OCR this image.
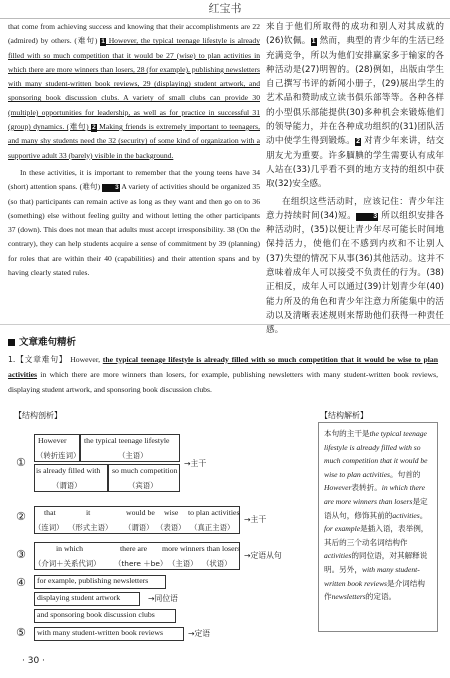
红宝书

that come from achieving success and knowing that their accomplishments are 22 (admired) by others. (难句) 1 However, the typical teenage lifestyle is already filled with so much competition that it would be 27 (wise) to plan activities in which there are more winners than losers, 28 (for example), publishing newsletters with many student-written book reviews, 29 (displaying) student artwork, and sponsoring book discussion clubs. A variety of small clubs can provide 30 (multiple) opportunities for leadership, as well as for practice in successful 31 (group) dynamics. (难句) 2 Making friends is extremely important to teenagers, and many shy students need the 32 (security) of some kind of organization with a supportive adult 33 (barely) visible in the background.

In these activities, it is important to remember that the young teens have 34 (short) attention spans. (难句) 3 A variety of activities should be organized 35 (so that) participants can remain active as long as they want and then go on to 36 (something) else without feeling guilty and without letting the other participants 37 (down). This does not mean that adults must accept irresponsibility. 38 (On the contrary), they can help students acquire a sense of commitment by 39 (planning) for roles that are within their 40 (capabilities) and their attention spans and by having clearly stated rules.

来自于他们所取得的成功和别人对其成就的(26)钦佩。1 然而，典型的青少年的生活已经充满竞争，所以为他们安排赢家多于输家的各种活动是(27)明智的。(28)例如，出版由学生自己撰写书评的新闻小册子，(29)展出学生的艺术品和赞助成立读书俱乐部等等。各种各样的小型俱乐部能提供(30)多种机会来锻炼他们的领导能力，并在各种成功组织的(31)团队活动中使学生得到锻炼。2 对青少年来讲，结交朋友尤为重要。许多腼腆的学生需要认有成年人站在(33)几乎看不到的地方支持的组织中获取(32)安全感。

在组织这些活动时，应该记住：青少年注意力持续时间(34)短。 3 所以组织安排各种活动时，(35)以便让青少年尽可能长时间地保持活力，使他们在不感到内疚和不让别人(37)失望的情况下从事(36)其他活动。这并不意味着成年人可以接受不负责任的行为。(38)正相反，成年人可以通过(39)计划青少年(40)能力所及的角色和青少年注意力所能集中的活动以及清晰表述规则来帮助他们获得一种责任感。

文章难句精析
1.【文章难句】 However, the typical teenage lifestyle is already filled with so much competition that it would be wise to plan activities in which there are more winners than losers, for example, publishing newsletters with many student-written book reviews, displaying student artwork, and sponsoring book discussion clubs.
【结构剖析】	【结构解析】
本句的主干是the typical teenage lifestyle is already filled with so much competition that it would be wise to plan activities。句首的However表转折。in which there are more winners than losers是定语从句，修饰其前的activities。for example是插入语，表举例，其后的三个动名词结构作activities的同位语，对其解释说明。另外，with many student-written book reviews是介词结构作newsletters的定语。
①
However
（转折连词）
the typical teenage lifestyle
（主语）
is already filled with
（谓语）
so much competition
（宾语）
→主干
② that	it	would be wise to plan activities
（连词） （形式主语） （谓语） （表语） （真正主语）
→主干
③	in which	there are more winners than losers
（介词＋关系代词） （there ＋be） （主语） （状语）
→定语从句
④ for example, publishing newsletters
displaying student artwork
and sponsoring book discussion clubs
→同位语
⑤ with many student-written book reviews	→定语
· 30 ·
